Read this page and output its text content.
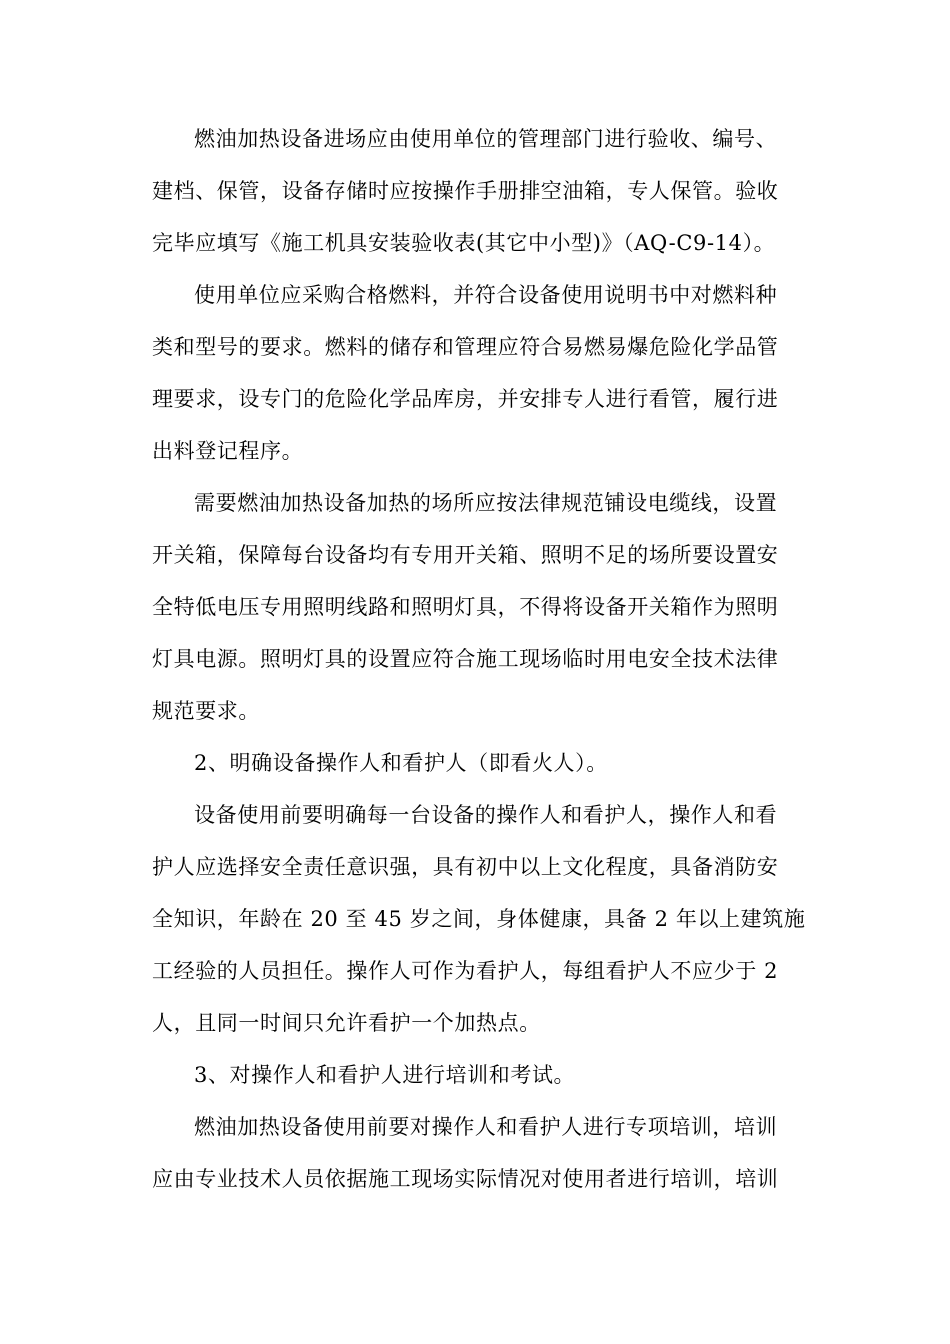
燃油加热设备进场应由使用单位的管理部门进行验收、编号、
建档、保管，设备存储时应按操作手册排空油箱，专人保管。验收
完毕应填写《施工机具安装验收表(其它中小型)》（AQ-C9-14）。

使用单位应采购合格燃料，并符合设备使用说明书中对燃料种
类和型号的要求。燃料的储存和管理应符合易燃易爆危险化学品管
理要求，设专门的危险化学品库房，并安排专人进行看管，履行进
出料登记程序。

需要燃油加热设备加热的场所应按法律规范铺设电缆线，设置
开关箱，保障每台设备均有专用开关箱、照明不足的场所要设置安
全特低电压专用照明线路和照明灯具，不得将设备开关箱作为照明
灯具电源。照明灯具的设置应符合施工现场临时用电安全技术法律
规范要求。

2、明确设备操作人和看护人（即看火人）。

设备使用前要明确每一台设备的操作人和看护人，操作人和看
护人应选择安全责任意识强，具有初中以上文化程度，具备消防安
全知识，年龄在 20 至 45 岁之间，身体健康，具备 2 年以上建筑施
工经验的人员担任。操作人可作为看护人，每组看护人不应少于 2
人，且同一时间只允许看护一个加热点。

3、对操作人和看护人进行培训和考试。

燃油加热设备使用前要对操作人和看护人进行专项培训，培训
应由专业技术人员依据施工现场实际情况对使用者进行培训，培训
